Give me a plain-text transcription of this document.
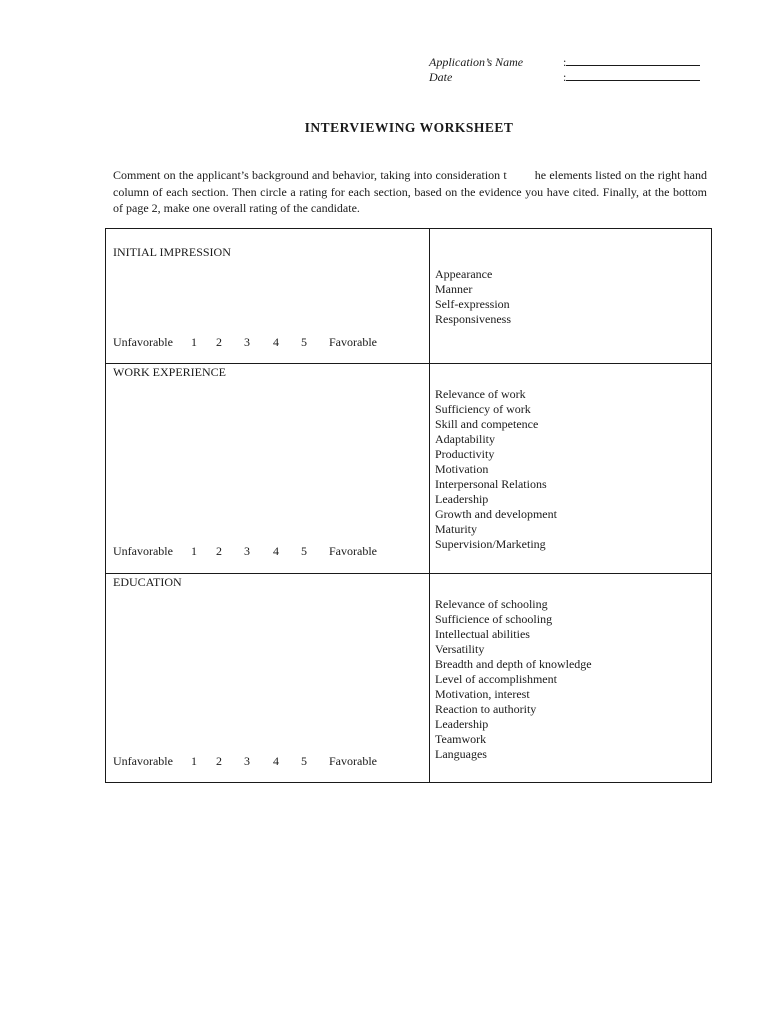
Application’s Name	:
Date	:
INTERVIEWING WORKSHEET

Comment on the applicant’s background and behavior, taking into consideration t he elements listed on the right hand column of each section. Then circle a rating for each section, based on the evidence you have cited. Finally, at the bottom of page 2, make one overall rating of the candidate.

INITIAL IMPRESSION
Appearance
Manner
Self-expression
Responsiveness
Unfavorable 1 2 3 4 5 Favorable
WORK EXPERIENCE
Relevance of work
Sufficiency of work
Skill and competence
Adaptability
Productivity
Motivation
Interpersonal Relations
Leadership
Growth and development
Maturity
Supervision/Marketing
Unfavorable 1 2 3 4 5 Favorable
EDUCATION
Relevance of schooling
Sufficience of schooling
Intellectual abilities
Versatility
Breadth and depth of knowledge
Level of accomplishment
Motivation, interest
Reaction to authority
Leadership
Teamwork
Languages
Unfavorable 1 2 3 4 5 Favorable
